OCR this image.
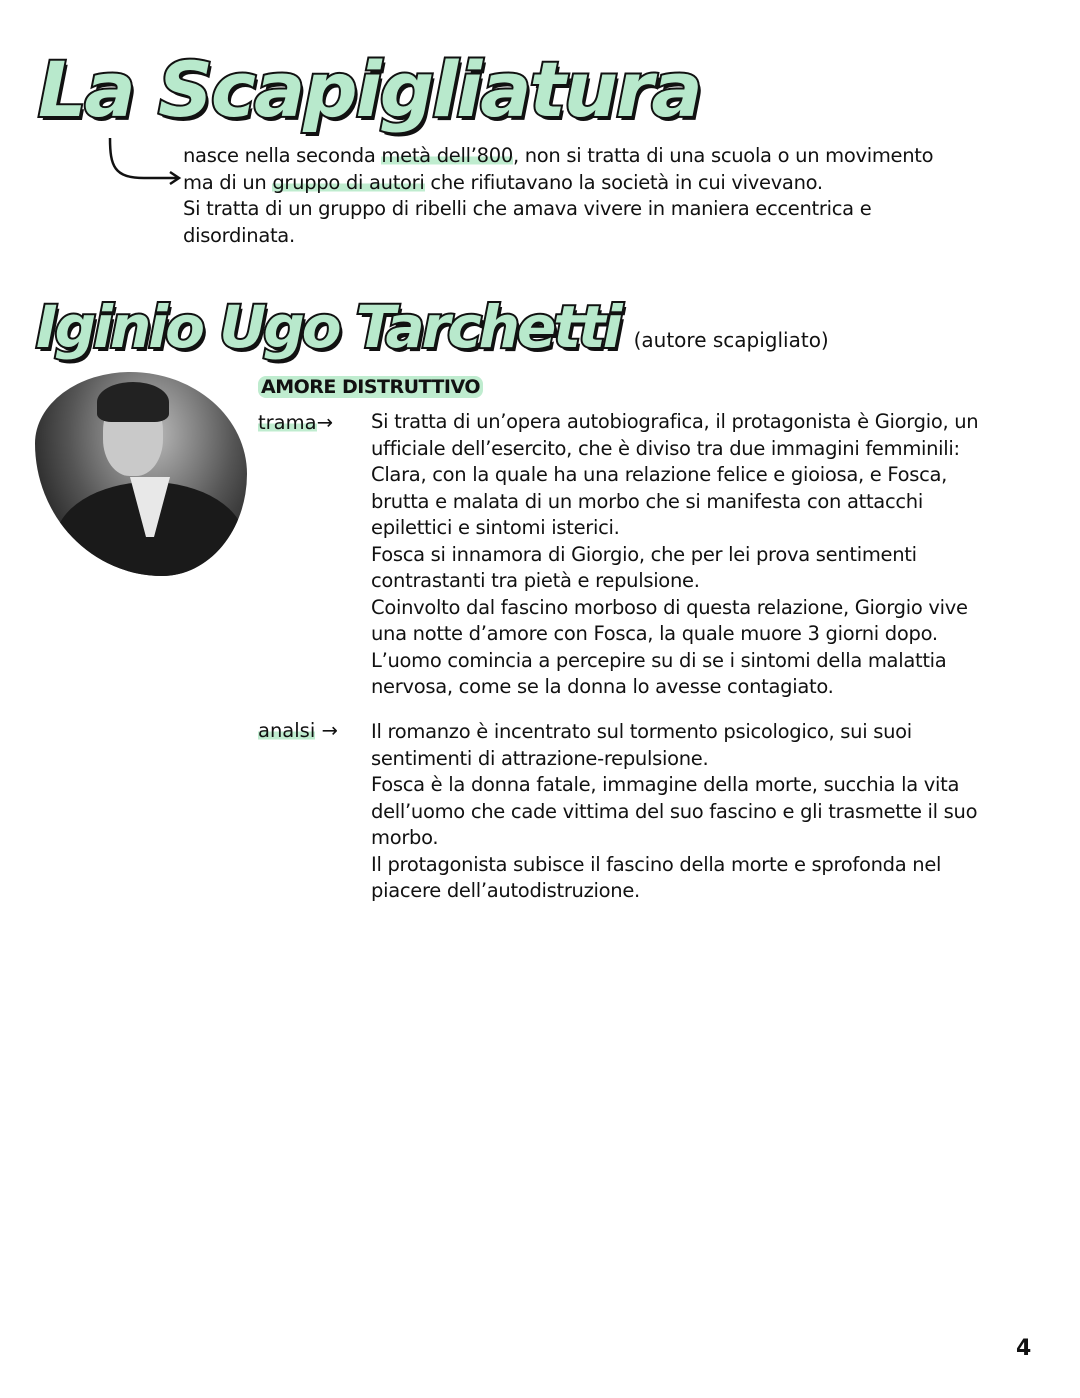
La Scapigliatura
nasce nella seconda metà dell’800, non si tratta di una scuola o un movimento
ma di un gruppo di autori che rifiutavano la società in cui vivevano.
Si tratta di un gruppo di ribelli che amava vivere in maniera eccentrica e
disordinata.
Iginio Ugo Tarchetti (autore scapigliato)
AMORE DISTRUTTIVO
trama→ Si tratta di un’opera autobiografica, il protagonista è Giorgio, un
ufficiale dell’esercito, che è diviso tra due immagini femminili:
Clara, con la quale ha una relazione felice e gioiosa, e Fosca,
brutta e malata di un morbo che si manifesta con attacchi
epilettici e sintomi isterici.
Fosca si innamora di Giorgio, che per lei prova sentimenti
contrastanti tra pietà e repulsione.
Coinvolto dal fascino morboso di questa relazione, Giorgio vive
una notte d’amore con Fosca, la quale muore 3 giorni dopo.
L’uomo comincia a percepire su di se i sintomi della malattia
nervosa, come se la donna lo avesse contagiato.
analsi → Il romanzo è incentrato sul tormento psicologico, sui suoi
sentimenti di attrazione-repulsione.
Fosca è la donna fatale, immagine della morte, succhia la vita
dell’uomo che cade vittima del suo fascino e gli trasmette il suo
morbo.
Il protagonista subisce il fascino della morte e sprofonda nel
piacere dell’autodistruzione.
4
